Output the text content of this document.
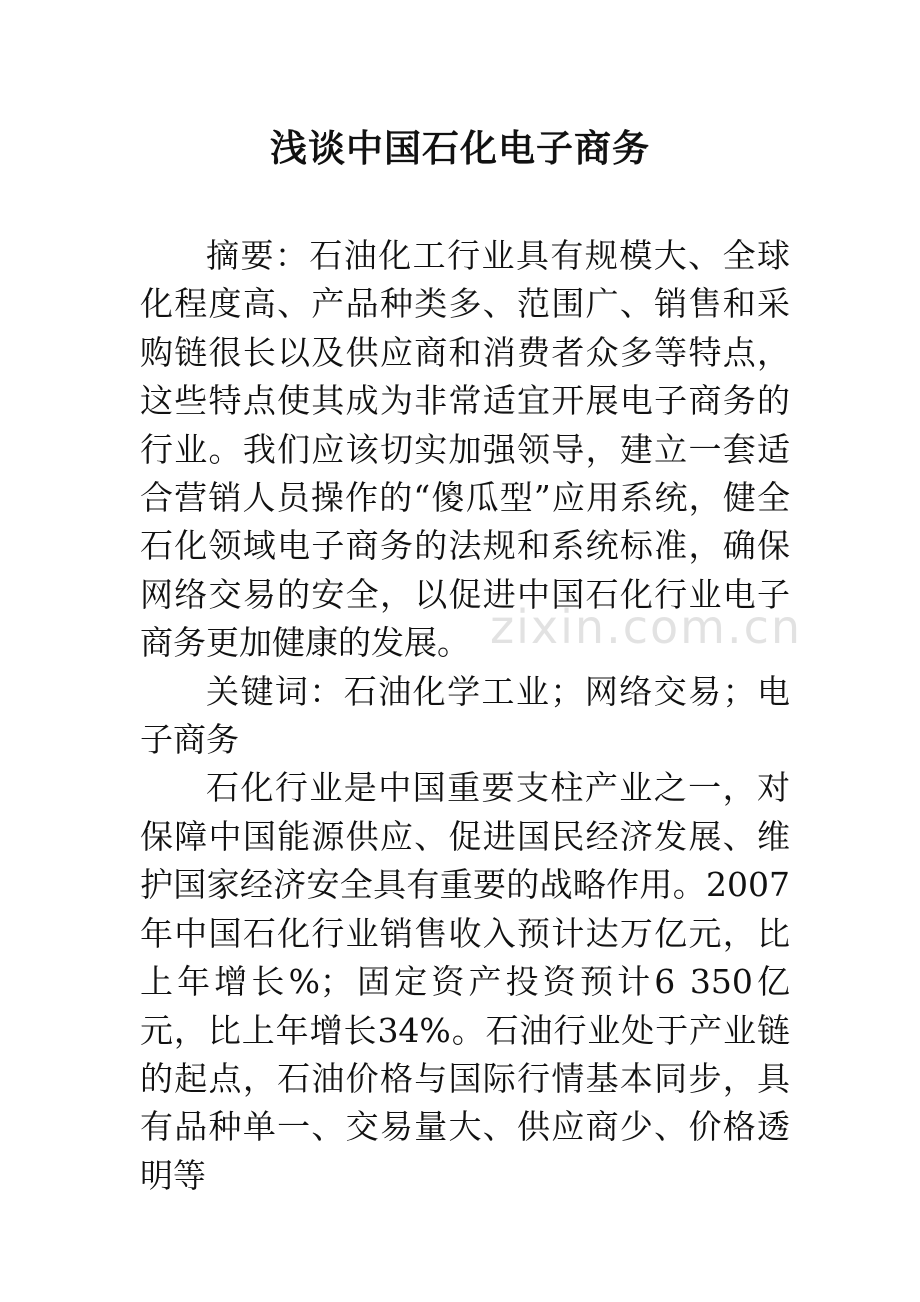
浅谈中国石化电子商务

摘要：石油化工行业具有规模大、全球化程度高、产品种类多、范围广、销售和采购链很长以及供应商和消费者众多等特点，这些特点使其成为非常适宜开展电子商务的行业。我们应该切实加强领导，建立一套适合营销人员操作的“傻瓜型”应用系统，健全石化领域电子商务的法规和系统标准，确保网络交易的安全，以促进中国石化行业电子商务更加健康的发展。

关键词：石油化学工业；网络交易；电子商务

石化行业是中国重要支柱产业之一，对保障中国能源供应、促进国民经济发展、维护国家经济安全具有重要的战略作用。2007年中国石化行业销售收入预计达万亿元，比上年增长%；固定资产投资预计6 350亿元，比上年增长34%。石油行业处于产业链的起点，石油价格与国际行情基本同步，具有品种单一、交易量大、供应商少、价格透明等

zixin.com.cn
